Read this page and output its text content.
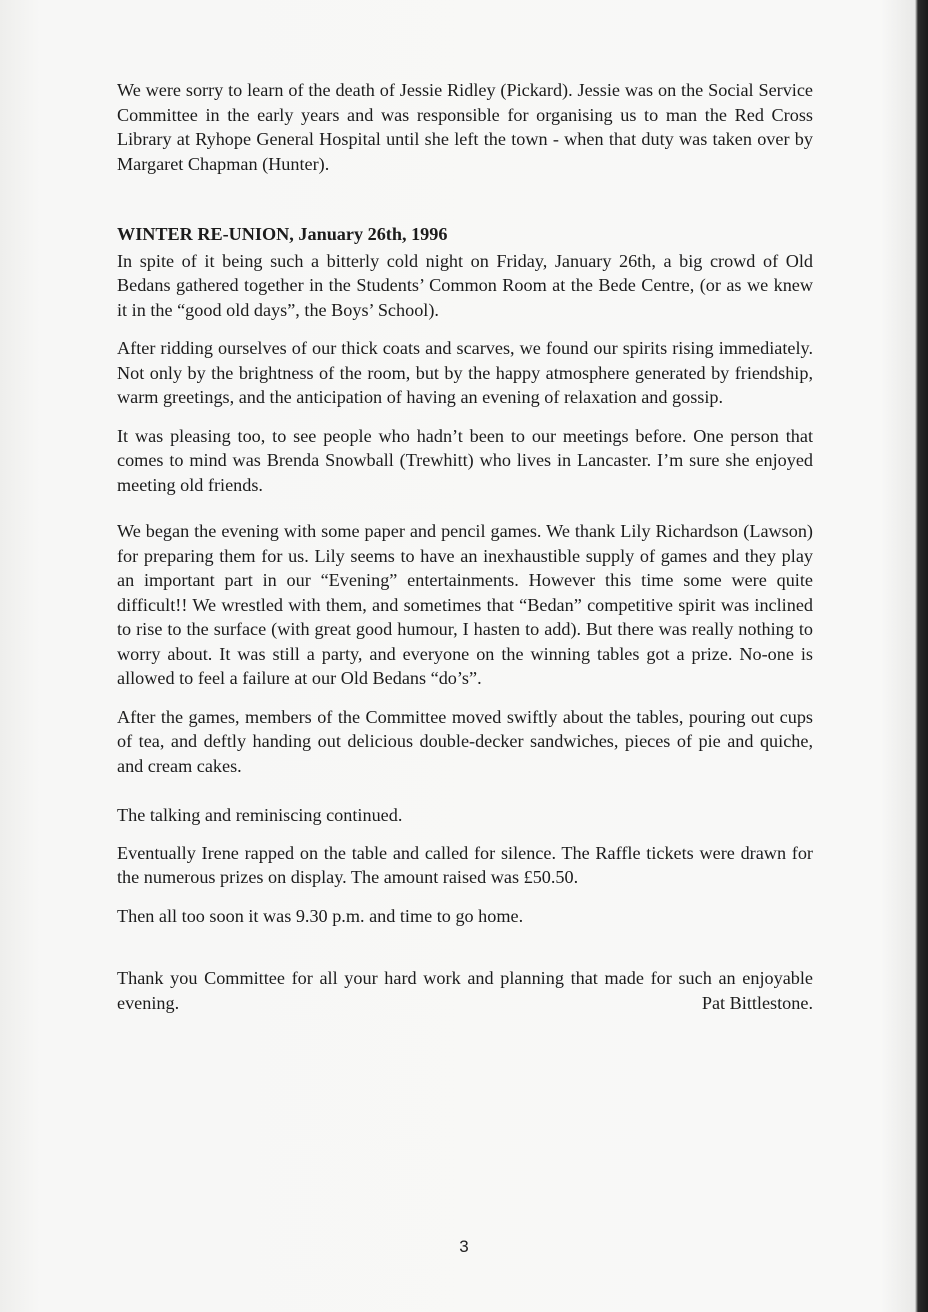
We were sorry to learn of the death of Jessie Ridley (Pickard). Jessie was on the Social Service Committee in the early years and was responsible for organising us to man the Red Cross Library at Ryhope General Hospital until she left the town - when that duty was taken over by Margaret Chapman (Hunter).

WINTER RE-UNION, January 26th, 1996

In spite of it being such a bitterly cold night on Friday, January 26th, a big crowd of Old Bedans gathered together in the Students’ Common Room at the Bede Centre, (or as we knew it in the “good old days”, the Boys’ School).

After ridding ourselves of our thick coats and scarves, we found our spirits rising immediately. Not only by the brightness of the room, but by the happy atmosphere generated by friendship, warm greetings, and the anticipation of having an evening of relaxation and gossip.

It was pleasing too, to see people who hadn’t been to our meetings before. One person that comes to mind was Brenda Snowball (Trewhitt) who lives in Lancaster. I’m sure she enjoyed meeting old friends.

We began the evening with some paper and pencil games. We thank Lily Richardson (Lawson) for preparing them for us. Lily seems to have an inexhaustible supply of games and they play an important part in our “Evening” entertainments. However this time some were quite difficult!! We wrestled with them, and sometimes that “Bedan” competitive spirit was inclined to rise to the surface (with great good humour, I hasten to add). But there was really nothing to worry about. It was still a party, and everyone on the winning tables got a prize. No-one is allowed to feel a failure at our Old Bedans “do’s”.

After the games, members of the Committee moved swiftly about the tables, pouring out cups of tea, and deftly handing out delicious double-decker sandwiches, pieces of pie and quiche, and cream cakes.

The talking and reminiscing continued.

Eventually Irene rapped on the table and called for silence. The Raffle tickets were drawn for the numerous prizes on display. The amount raised was £50.50.

Then all too soon it was 9.30 p.m. and time to go home.

Thank you Committee for all your hard work and planning that made for such an enjoyable evening.	Pat Bittlestone.

3
